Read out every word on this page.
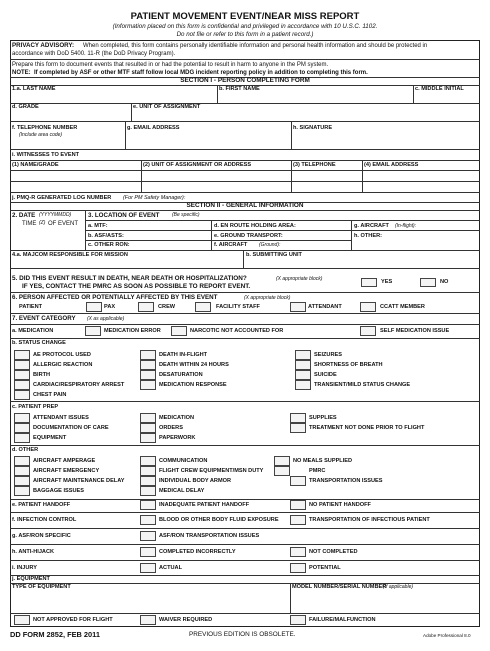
PATIENT MOVEMENT EVENT/NEAR MISS REPORT
(Information placed on this form is confidential and privileged in accordance with 10 U.S.C. 1102.
Do not file or refer to this form in a patient record.)
PRIVACY ADVISORY: When completed, this form contains personally identifiable information and personal health information and should be protected in
accordance with DoD 5400. 11-R (the DoD Privacy Program).
Prepare this form to document events that resulted in or had the potential to result in harm to anyone in the PM system.
NOTE: If completed by ASF or other MTF staff follow local MDG incident reporting policy in addition to completing this form.
SECTION I - PERSON COMPLETING FORM
1.a. LAST NAME	b. FIRST NAME	c. MIDDLE INITIAL
d. GRADE	e. UNIT OF ASSIGNMENT
f. TELEPHONE NUMBER
(Include area code)
g. EMAIL ADDRESS	h. SIGNATURE
i. WITNESSES TO EVENT
(1) NAME/GRADE	(2) UNIT OF ASSIGNMENT OR ADDRESS	(3) TELEPHONE	(4) EMAIL ADDRESS
j. PMQ-R GENERATED LOG NUMBER (For PM Safety Manager):
SECTION II - GENERAL INFORMATION
2. DATE (YYYYMMDD)
TIME (Z) OF EVENT
3. LOCATION OF EVENT	(Be specific)
a. MTF:
b. ASF/ASTS:
c. OTHER RON:
d. EN ROUTE HOLDING AREA:
e. GROUND TRANSPORT:
f. AIRCRAFT (Ground):
g. AIRCRAFT (In-flight):
h. OTHER:
4.a. MAJCOM RESPONSIBLE FOR MISSION	b. SUBMITTING UNIT
5. DID THIS EVENT RESULT IN DEATH, NEAR DEATH OR HOSPITALIZATION?	(X appropriate block)
IF YES, CONTACT THE PMRC AS SOON AS POSSIBLE TO REPORT EVENT.
YES	NO
6. PERSON AFFECTED OR POTENTIALLY AFFECTED BY THIS EVENT	(X appropriate block)
PATIENT	PAX	CREW	FACILITY STAFF	ATTENDANT	CCATT MEMBER
7. EVENT CATEGORY (X as applicable)
a. MEDICATION	MEDICATION ERROR	NARCOTIC NOT ACCOUNTED FOR	SELF MEDICATION ISSUE
b. STATUS CHANGE
AE PROTOCOL USED	DEATH IN-FLIGHT	SEIZURES
ALLERGIC REACTION	DEATH WITHIN 24 HOURS	SHORTNESS OF BREATH
BIRTH	DESATURATION	SUICIDE
CARDIAC/RESPIRATORY ARREST	MEDICATION RESPONSE	TRANSIENT/MILD STATUS CHANGE
CHEST PAIN
c. PATIENT PREP
ATTENDANT ISSUES	MEDICATION	SUPPLIES
DOCUMENTATION OF CARE	ORDERS	TREATMENT NOT DONE PRIOR TO FLIGHT
EQUIPMENT	PAPERWORK
d. OTHER
AIRCRAFT AMPERAGE	COMMUNICATION	NO MEALS SUPPLIED
AIRCRAFT EMERGENCY	FLIGHT CREW EQUIPMENT/MSN DUTY	PMRC
AIRCRAFT MAINTENANCE DELAY	INDIVIDUAL BODY ARMOR	TRANSPORTATION ISSUES
BAGGAGE ISSUES	MEDICAL DELAY
e. PATIENT HANDOFF	INADEQUATE PATIENT HANDOFF	NO PATIENT HANDOFF
f. INFECTION CONTROL	BLOOD OR OTHER BODY FLUID EXPOSURE	TRANSPORTATION OF INFECTIOUS PATIENT
g. ASF/RON SPECIFIC	ASF/RON TRANSPORTATION ISSUES
h. ANTI-HIJACK	COMPLETED INCORRECTLY	NOT COMPLETED
i. INJURY	ACTUAL	POTENTIAL
j. EQUIPMENT
TYPE OF EQUIPMENT	MODEL NUMBER/SERIAL NUMBER
(If applicable)
NOT APPROVED FOR FLIGHT	WAIVER REQUIRED	FAILURE/MALFUNCTION
DD FORM 2852, FEB 2011	PREVIOUS EDITION IS OBSOLETE.	Adobe Professional 8.0
